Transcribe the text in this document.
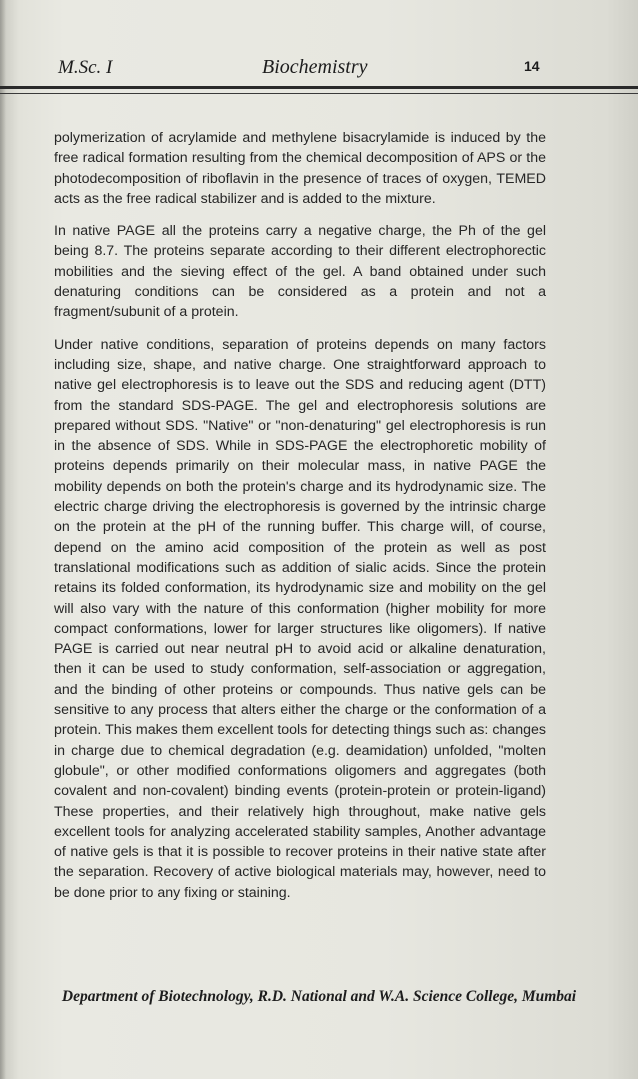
M.Sc. I	Biochemistry	14

polymerization of acrylamide and methylene bisacrylamide is induced by the free radical formation resulting from the chemical decomposition of APS or the photodecomposition of riboflavin in the presence of traces of oxygen, TEMED acts as the free radical stabilizer and is added to the mixture.

In native PAGE all the proteins carry a negative charge, the Ph of the gel being 8.7. The proteins separate according to their different electrophorectic mobilities and the sieving effect of the gel. A band obtained under such denaturing conditions can be considered as a protein and not a fragment/subunit of a protein.

Under native conditions, separation of proteins depends on many factors including size, shape, and native charge. One straightforward approach to native gel electrophoresis is to leave out the SDS and reducing agent (DTT) from the standard SDS-PAGE. The gel and electrophoresis solutions are prepared without SDS. "Native" or "non-denaturing" gel electrophoresis is run in the absence of SDS. While in SDS-PAGE the electrophoretic mobility of proteins depends primarily on their molecular mass, in native PAGE the mobility depends on both the protein's charge and its hydrodynamic size. The electric charge driving the electrophoresis is governed by the intrinsic charge on the protein at the pH of the running buffer. This charge will, of course, depend on the amino acid composition of the protein as well as post translational modifications such as addition of sialic acids. Since the protein retains its folded conformation, its hydrodynamic size and mobility on the gel will also vary with the nature of this conformation (higher mobility for more compact conformations, lower for larger structures like oligomers). If native PAGE is carried out near neutral pH to avoid acid or alkaline denaturation, then it can be used to study conformation, self-association or aggregation, and the binding of other proteins or compounds. Thus native gels can be sensitive to any process that alters either the charge or the conformation of a protein. This makes them excellent tools for detecting things such as: changes in charge due to chemical degradation (e.g. deamidation) unfolded, "molten globule", or other modified conformations oligomers and aggregates (both covalent and non-covalent) binding events (protein-protein or protein-ligand) These properties, and their relatively high throughout, make native gels excellent tools for analyzing accelerated stability samples, Another advantage of native gels is that it is possible to recover proteins in their native state after the separation. Recovery of active biological materials may, however, need to be done prior to any fixing or staining.

Department of Biotechnology, R.D. National and W.A. Science College, Mumbai
